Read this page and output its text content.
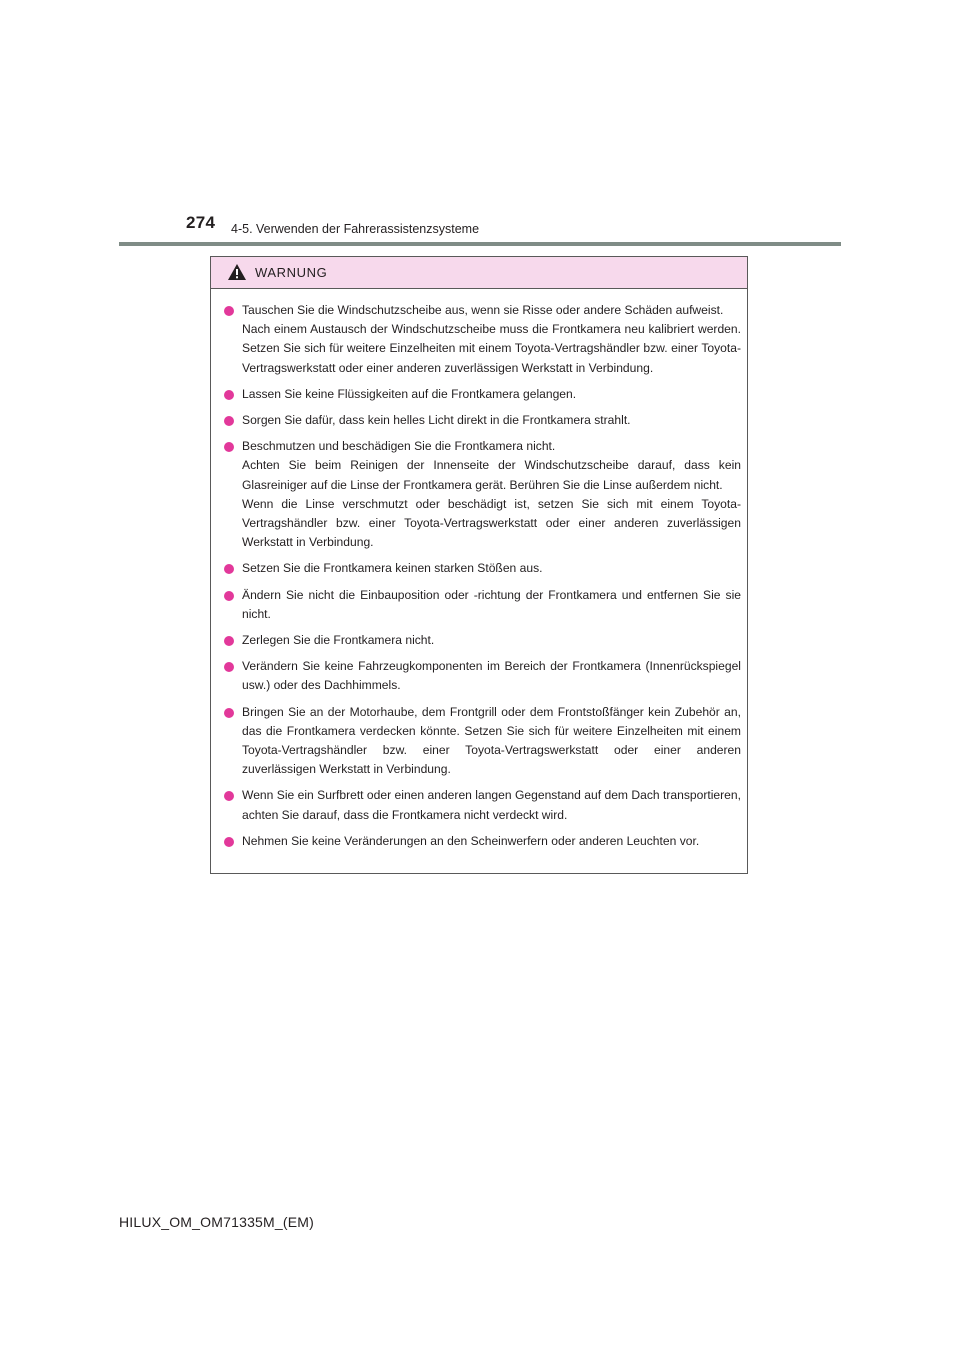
274 4-5. Verwenden der Fahrerassistenzsysteme
WARNUNG
Tauschen Sie die Windschutzscheibe aus, wenn sie Risse oder andere Schäden aufweist.
Nach einem Austausch der Windschutzscheibe muss die Frontkamera neu kalibriert werden. Setzen Sie sich für weitere Einzelheiten mit einem Toyota-Vertragshändler bzw. einer Toyota-Vertragswerkstatt oder einer anderen zuverlässigen Werkstatt in Verbindung.
Lassen Sie keine Flüssigkeiten auf die Frontkamera gelangen.
Sorgen Sie dafür, dass kein helles Licht direkt in die Frontkamera strahlt.
Beschmutzen und beschädigen Sie die Frontkamera nicht.
Achten Sie beim Reinigen der Innenseite der Windschutzscheibe darauf, dass kein Glasreiniger auf die Linse der Frontkamera gerät. Berühren Sie die Linse außerdem nicht.
Wenn die Linse verschmutzt oder beschädigt ist, setzen Sie sich mit einem Toyota-Vertragshändler bzw. einer Toyota-Vertragswerkstatt oder einer anderen zuverlässigen Werkstatt in Verbindung.
Setzen Sie die Frontkamera keinen starken Stößen aus.
Ändern Sie nicht die Einbauposition oder -richtung der Frontkamera und entfernen Sie sie nicht.
Zerlegen Sie die Frontkamera nicht.
Verändern Sie keine Fahrzeugkomponenten im Bereich der Frontkamera (Innenrückspiegel usw.) oder des Dachhimmels.
Bringen Sie an der Motorhaube, dem Frontgrill oder dem Frontstoßfänger kein Zubehör an, das die Frontkamera verdecken könnte. Setzen Sie sich für weitere Einzelheiten mit einem Toyota-Vertragshändler bzw. einer Toyota-Vertragswerkstatt oder einer anderen zuverlässigen Werkstatt in Verbindung.
Wenn Sie ein Surfbrett oder einen anderen langen Gegenstand auf dem Dach transportieren, achten Sie darauf, dass die Frontkamera nicht verdeckt wird.
Nehmen Sie keine Veränderungen an den Scheinwerfern oder anderen Leuchten vor.
HILUX_OM_OM71335M_(EM)
